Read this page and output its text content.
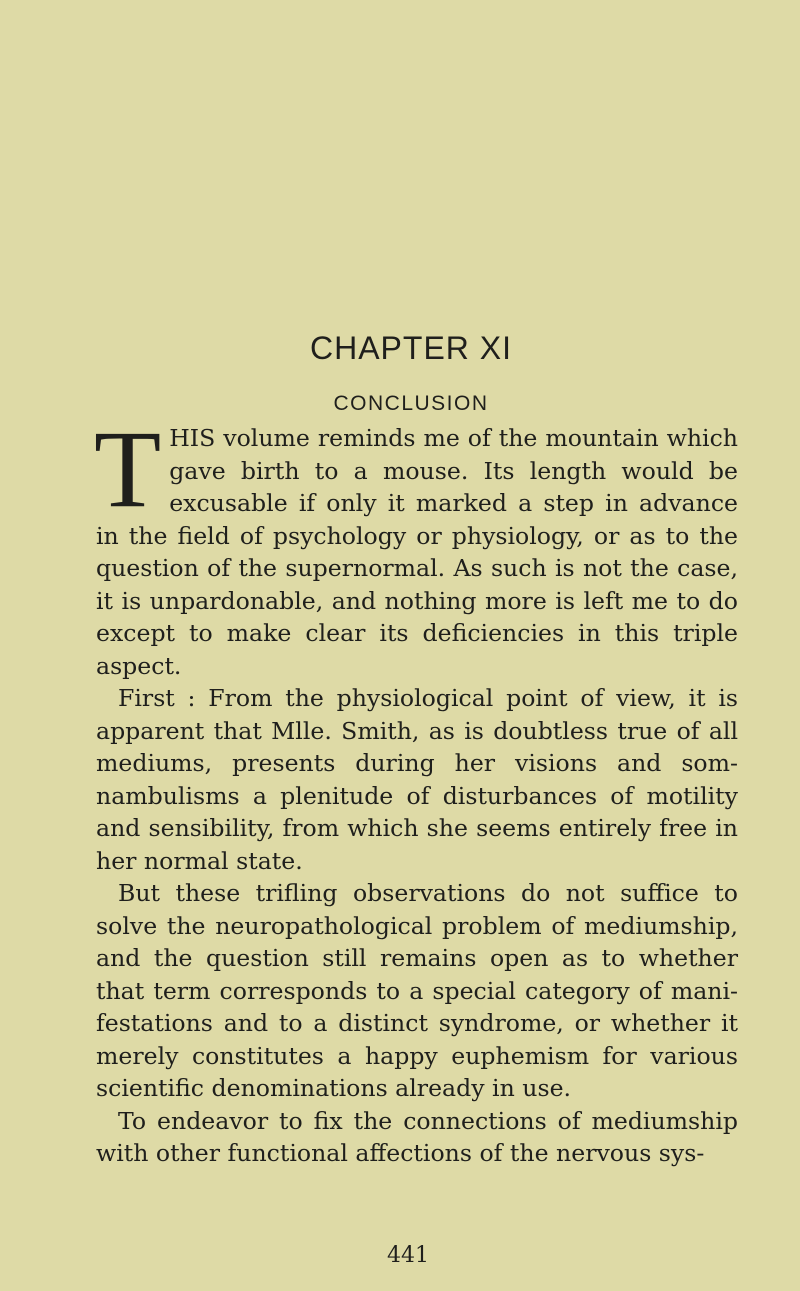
CHAPTER XI
CONCLUSION

THIS volume reminds me of the mountain which gave birth to a mouse. Its length would be excusable if only it marked a step in advance in the field of psychology or physiology, or as to the question of the supernormal. As such is not the case, it is unpardonable, and nothing more is left me to do except to make clear its deficiencies in this triple aspect.

First : From the physiological point of view, it is apparent that Mlle. Smith, as is doubtless true of all mediums, presents during her visions and somnambulisms a plenitude of disturbances of motility and sensibility, from which she seems entirely free in her normal state.

But these trifling observations do not suffice to solve the neuropathological problem of mediumship, and the question still remains open as to whether that term corresponds to a special category of manifestations and to a distinct syndrome, or whether it merely constitutes a happy euphemism for various scientific denominations already in use.

To endeavor to fix the connections of mediumship with other functional affections of the nervous sys-

441
